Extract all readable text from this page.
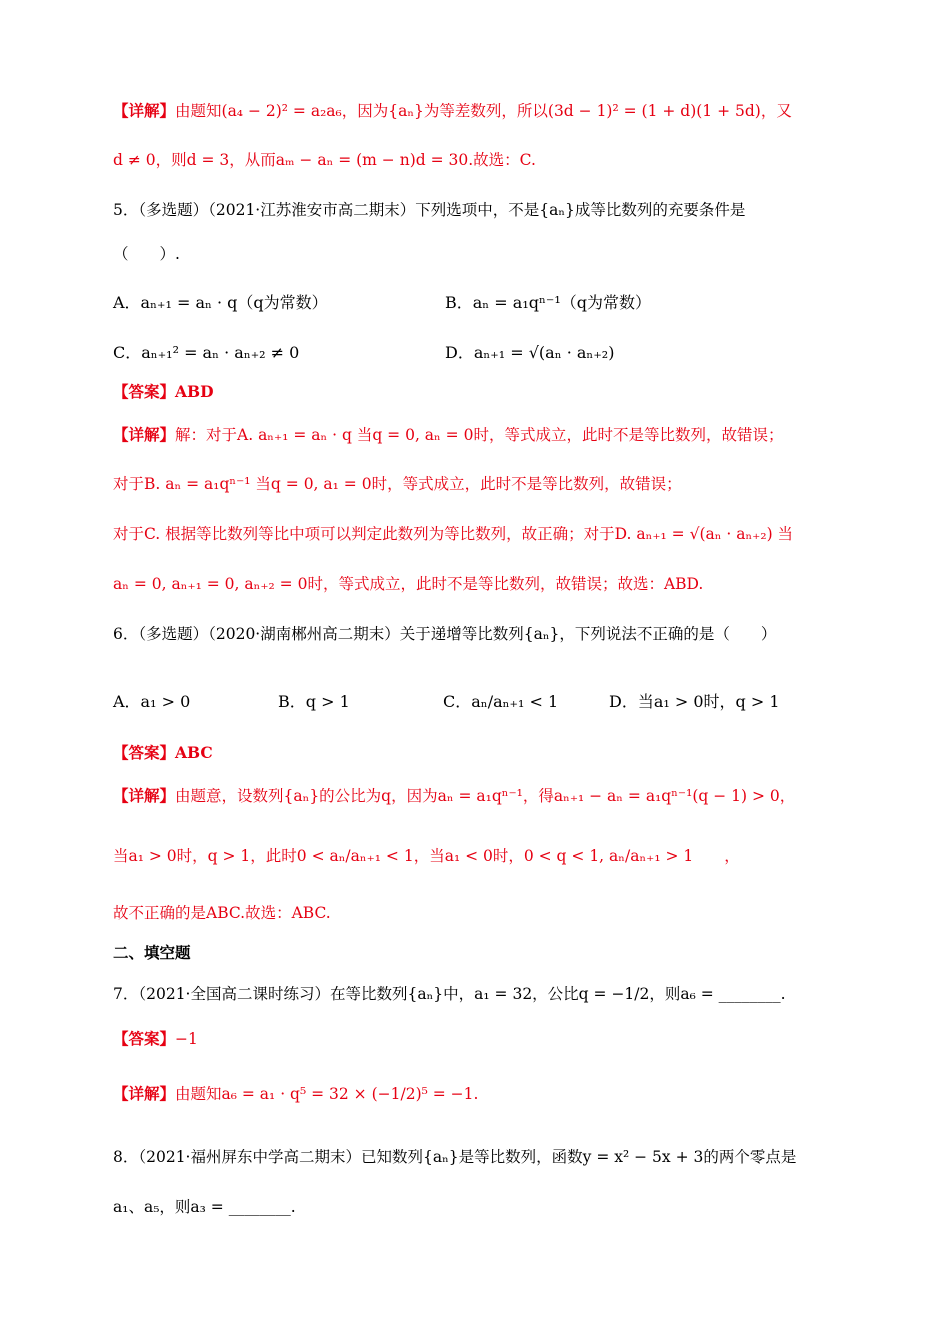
【详解】由题知(a₄ − 2)² = a₂a₆，因为{aₙ}为等差数列，所以(3d − 1)² = (1 + d)(1 + 5d)，又
d ≠ 0，则d = 3，从而aₘ − aₙ = (m − n)d = 30.故选：C.
5．（多选题）（2021·江苏淮安市高二期末）下列选项中，不是{aₙ}成等比数列的充要条件是
（　　）.
A．aₙ₊₁ = aₙ · q（q为常数）	B．aₙ = a₁qⁿ⁻¹（q为常数）
C．aₙ₊₁² = aₙ · aₙ₊₂ ≠ 0	D．aₙ₊₁ = √(aₙ · aₙ₊₂)
【答案】ABD
【详解】解：对于A. aₙ₊₁ = aₙ · q 当q = 0, aₙ = 0时，等式成立，此时不是等比数列，故错误；
对于B. aₙ = a₁qⁿ⁻¹ 当q = 0, a₁ = 0时，等式成立，此时不是等比数列，故错误；
对于C. 根据等比数列等比中项可以判定此数列为等比数列，故正确；对于D. aₙ₊₁ = √(aₙ · aₙ₊₂) 当
aₙ = 0, aₙ₊₁ = 0, aₙ₊₂ = 0时，等式成立，此时不是等比数列，故错误；故选：ABD.
6．（多选题）（2020·湖南郴州高二期末）关于递增等比数列{aₙ}，下列说法不正确的是（　　）
A．a₁ > 0	B．q > 1	C．aₙ/aₙ₊₁ < 1	D．当a₁ > 0时，q > 1
【答案】ABC
【详解】由题意，设数列{aₙ}的公比为q，因为aₙ = a₁qⁿ⁻¹，得aₙ₊₁ − aₙ = a₁qⁿ⁻¹(q − 1) > 0，
当a₁ > 0时，q > 1，此时0 < aₙ/aₙ₊₁ < 1，当a₁ < 0时，0 < q < 1, aₙ/aₙ₊₁ > 1　　，
故不正确的是ABC.故选：ABC.
二、填空题
7．（2021·全国高二课时练习）在等比数列{aₙ}中，a₁ = 32，公比q = −1/2，则a₆ = ________.
【答案】−1
【详解】由题知a₆ = a₁ · q⁵ = 32 × (−1/2)⁵ = −1.
8．（2021·福州屏东中学高二期末）已知数列{aₙ}是等比数列，函数y = x² − 5x + 3的两个零点是
a₁、a₅，则a₃ = ________.
